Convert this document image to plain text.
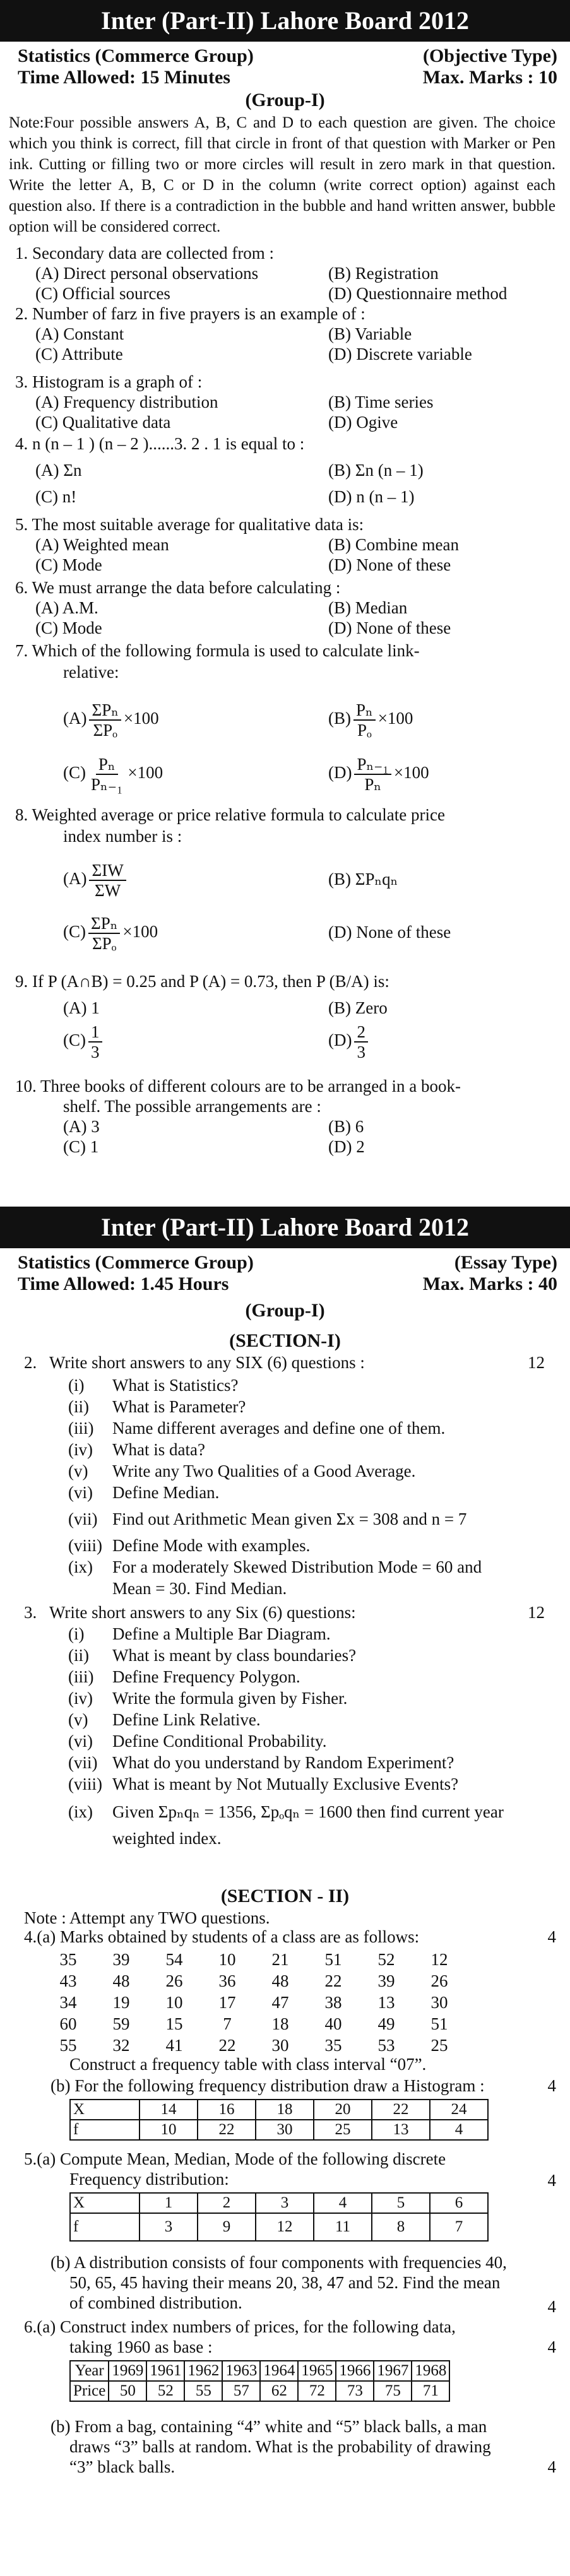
Inter (Part-II) Lahore Board 2012
Statistics (Commerce Group)	(Objective Type)
Time Allowed: 15 Minutes	Max. Marks : 10
(Group-I)
Note:Four possible answers A, B, C and D to each question are given. The choice which you think is correct, fill that circle in front of that question with Marker or Pen ink. Cutting or filling two or more circles will result in zero mark in that question. Write the letter A, B, C or D in the column (write correct option) against each question also. If there is a contradiction in the bubble and hand written answer, bubble option will be considered correct.
1. Secondary data are collected from :
(A) Direct personal observations	(B) Registration
(C) Official sources	(D) Questionnaire method
2. Number of farz in five prayers is an example of :
(A) Constant	(B) Variable
(C) Attribute	(D) Discrete variable
3. Histogram is a graph of :
(A) Frequency distribution	(B) Time series
(C) Qualitative data	(D) Ogive
4. n (n – 1 ) (n – 2 )......3. 2 . 1 is equal to :
(A) Σn	(B) Σn (n – 1)
(C) n!	(D) n (n – 1)
5. The most suitable average for qualitative data is:
(A) Weighted mean	(B) Combine mean
(C) Mode	(D) None of these
6. We must arrange the data before calculating :
(A) A.M.	(B) Median
(C) Mode	(D) None of these
7. Which of the following formula is used to calculate link-
relative:
$(A) \frac{\text{ΣPₙ}}{\text{ΣPₒ}} \times 100$	$(B) \frac{\text{Pₙ}}{\text{Pₒ}} \times 100$
$(C) \frac{\text{Pₙ}}{\text{Pₙ₋₁}} \times 100$	$(D) \frac{\text{Pₙ₋₁}}{\text{Pₙ}} \times 100$
8. Weighted average or price relative formula to calculate price
index number is :
$(A) \frac{\text{ΣIW}}{\Sigma W}$	(B) ΣPₙqₙ
$(C) \frac{\text{ΣPₙ}}{\text{ΣPₒ}} \times 100$	(D) None of these
9. If P (A∩B) = 0.25 and P (A) = 0.73, then P (B/A) is:
(A) 1	(B) Zero
$(C) \frac{1}{3}$	$(D) \frac{2}{3}$
10. Three books of different colours are to be arranged in a book-
shelf. The possible arrangements are :
(A) 3	(B) 6
(C) 1	(D) 2
Inter (Part-II) Lahore Board 2012
Statistics (Commerce Group)	(Essay Type)
Time Allowed: 1.45 Hours	Max. Marks : 40
(Group-I)
(SECTION-I)
2. Write short answers to any SIX (6) questions :	12
(i) What is Statistics?
(ii) What is Parameter?
(iii) Name different averages and define one of them.
(iv) What is data?
(v) Write any Two Qualities of a Good Average.
(vi) Define Median.
(vii) Find out Arithmetic Mean given Σx = 308 and n = 7
(viii) Define Mode with examples.
(ix) For a moderately Skewed Distribution Mode = 60 and
Mean = 30. Find Median.
3. Write short answers to any Six (6) questions:	12
(i) Define a Multiple Bar Diagram.
(ii) What is meant by class boundaries?
(iii) Define Frequency Polygon.
(iv) Write the formula given by Fisher.
(v) Define Link Relative.
(vi) Define Conditional Probability.
(vii) What do you understand by Random Experiment?
(viii) What is meant by Not Mutually Exclusive Events?
(ix) Given Σpₙqₙ = 1356, Σpₒqₙ = 1600 then find current year
weighted index.
(SECTION - II)
Note : Attempt any TWO questions.
4.(a) Marks obtained by students of a class are as follows:	4
35	39	54	10	21	51	52	12
43	48	26	36	48	22	39	26
34	19	10	17	47	38	13	30
60	59	15	7	18	40	49	51
55	32	41	22	30	35	53	25
Construct a frequency table with class interval “07”.
(b) For the following frequency distribution draw a Histogram :	4
X	14	16	18	20	22	24
f	10	22	30	25	13	4
5.(a) Compute Mean, Median, Mode of the following discrete
Frequency distribution:	4
X	1	2	3	4	5	6
f	3	9	12	11	8	7
(b) A distribution consists of four components with frequencies 40,
50, 65, 45 having their means 20, 38, 47 and 52. Find the mean
of combined distribution.	4
6.(a) Construct index numbers of prices, for the following data,
taking 1960 as base :	4
Year	1969	1961	1962	1963	1964	1965	1966	1967	1968
Price	50	52	55	57	62	72	73	75	71
(b) From a bag, containing “4” white and “5” black balls, a man
draws “3” balls at random. What is the probability of drawing
“3” black balls.	4
